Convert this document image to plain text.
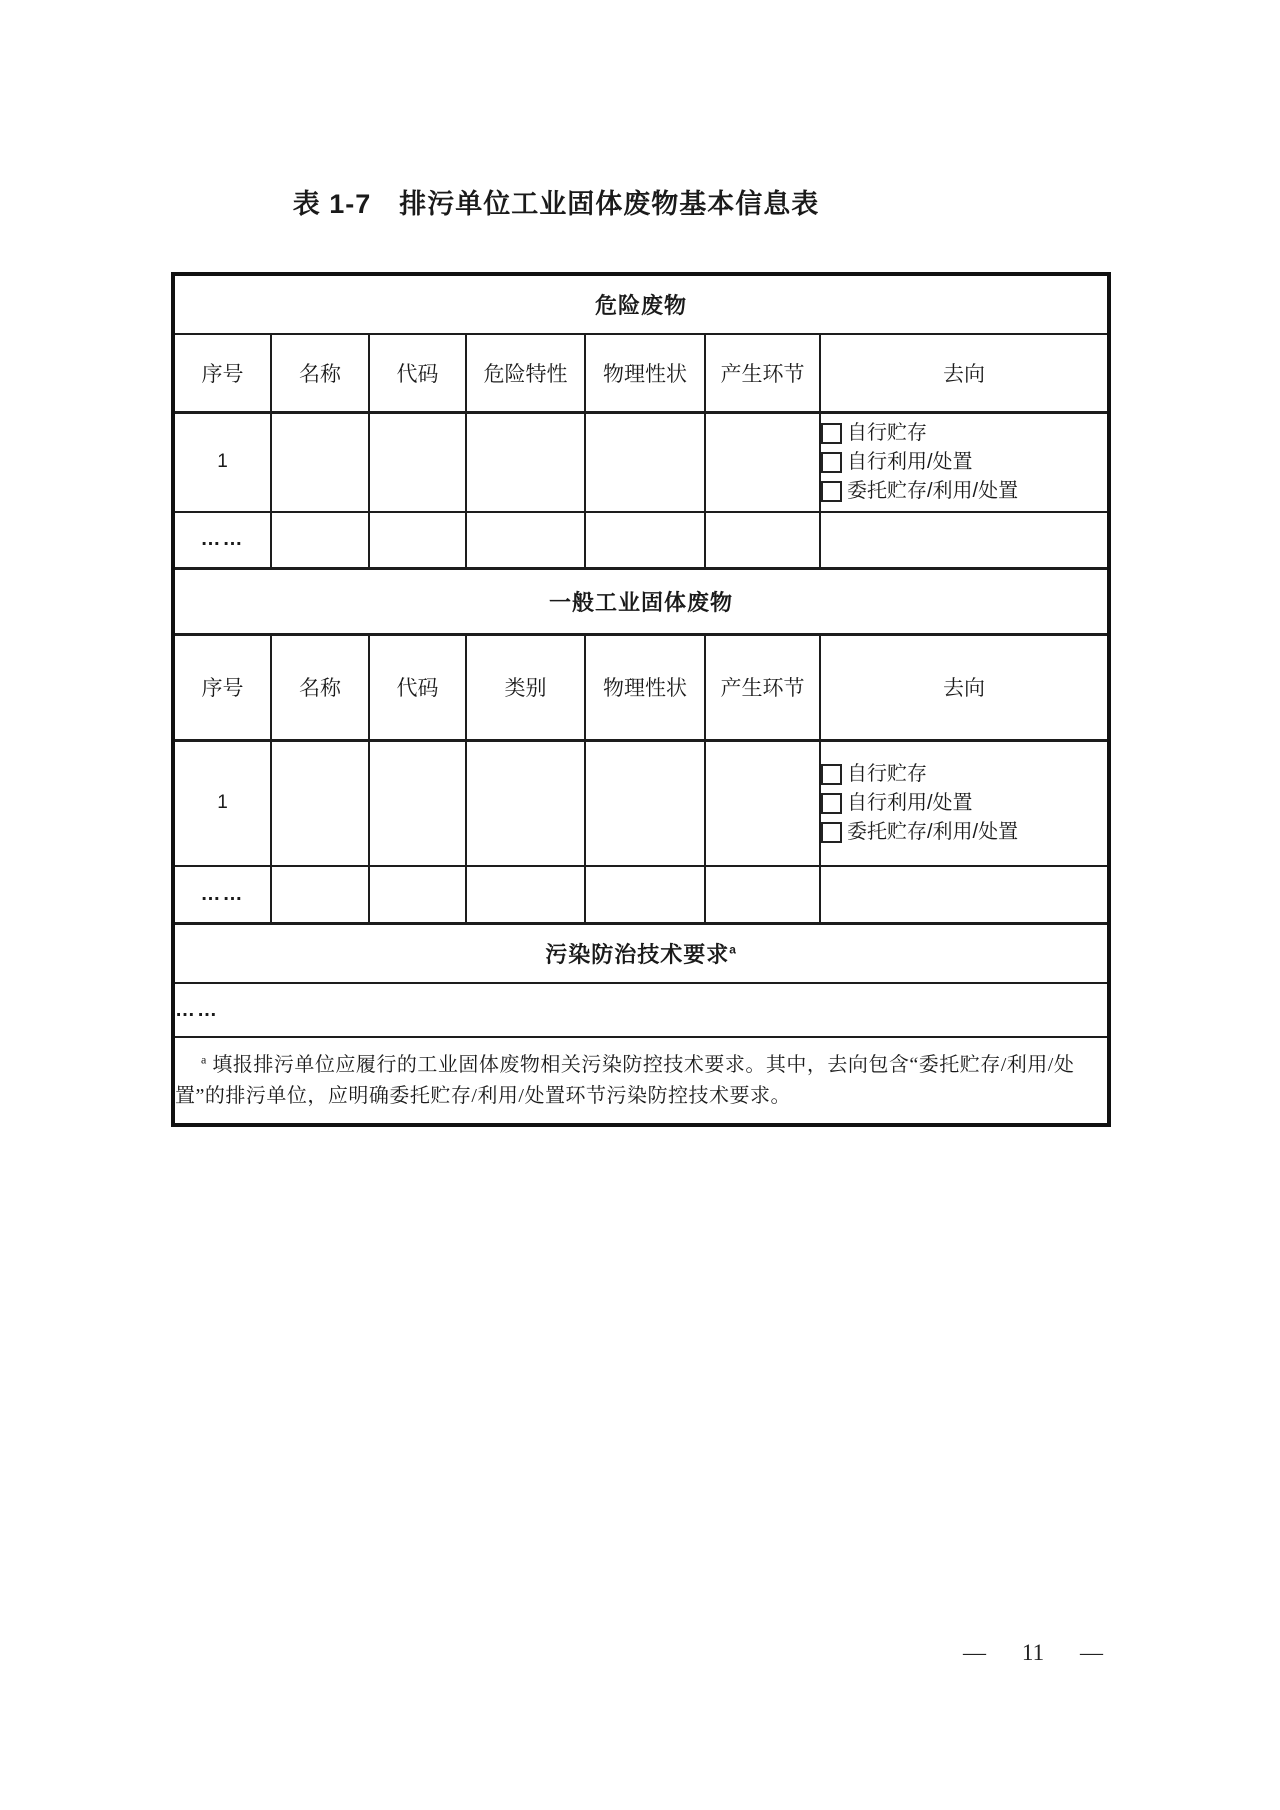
表 1-7　排污单位工业固体废物基本信息表
危险废物						
序号	名称	代码	危险特性	物理性状	产生环节	去向
1						自行贮存
自行利用/处置
委托贮存/利用/处置

……						
一般工业固体废物						
序号	名称	代码	类别	物理性状	产生环节	去向
1						自行贮存
自行利用/处置
委托贮存/利用/处置

……						
污染防治技术要求$^a$
……						

$^a$ 填报排污单位应履行的工业固体废物相关污染防控技术要求。其中，去向包含“委托贮存/利用/处置”的排污单位，应明确委托贮存/利用/处置环节污染防控技术要求。						
— 11 —
